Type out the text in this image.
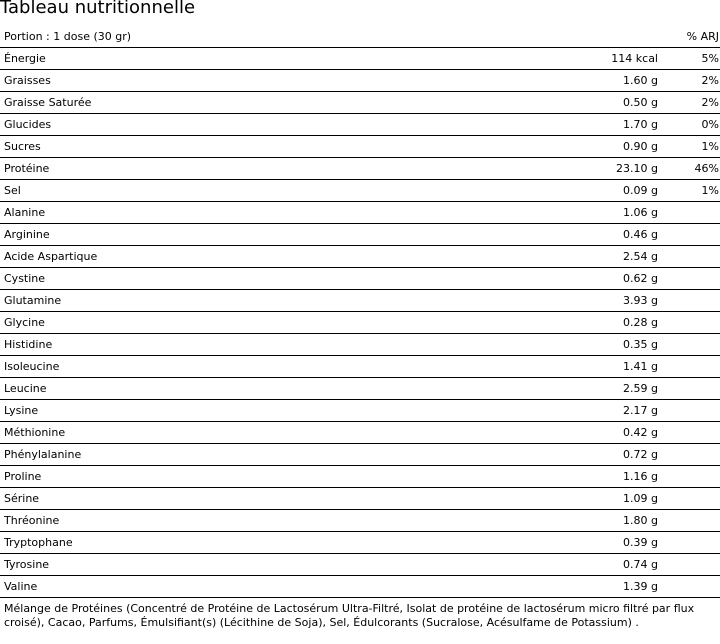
Tableau nutritionnelle
Portion : 1 dose (30 gr)	% ARJ
Énergie	114 kcal	5%
Graisses	1.60 g	2%
Graisse Saturée	0.50 g	2%
Glucides	1.70 g	0%
Sucres	0.90 g	1%
Protéine	23.10 g	46%
Sel	0.09 g	1%
Alanine	1.06 g
Arginine	0.46 g
Acide Aspartique	2.54 g
Cystine	0.62 g
Glutamine	3.93 g
Glycine	0.28 g
Histidine	0.35 g
Isoleucine	1.41 g
Leucine	2.59 g
Lysine	2.17 g
Méthionine	0.42 g
Phénylalanine	0.72 g
Proline	1.16 g
Sérine	1.09 g
Thréonine	1.80 g
Tryptophane	0.39 g
Tyrosine	0.74 g
Valine	1.39 g
Mélange de Protéines (Concentré de Protéine de Lactosérum Ultra-Filtré, Isolat de protéine de lactosérum micro filtré par flux croisé), Cacao, Parfums, Émulsifiant(s) (Lécithine de Soja), Sel, Édulcorants (Sucralose, Acésulfame de Potassium) .
